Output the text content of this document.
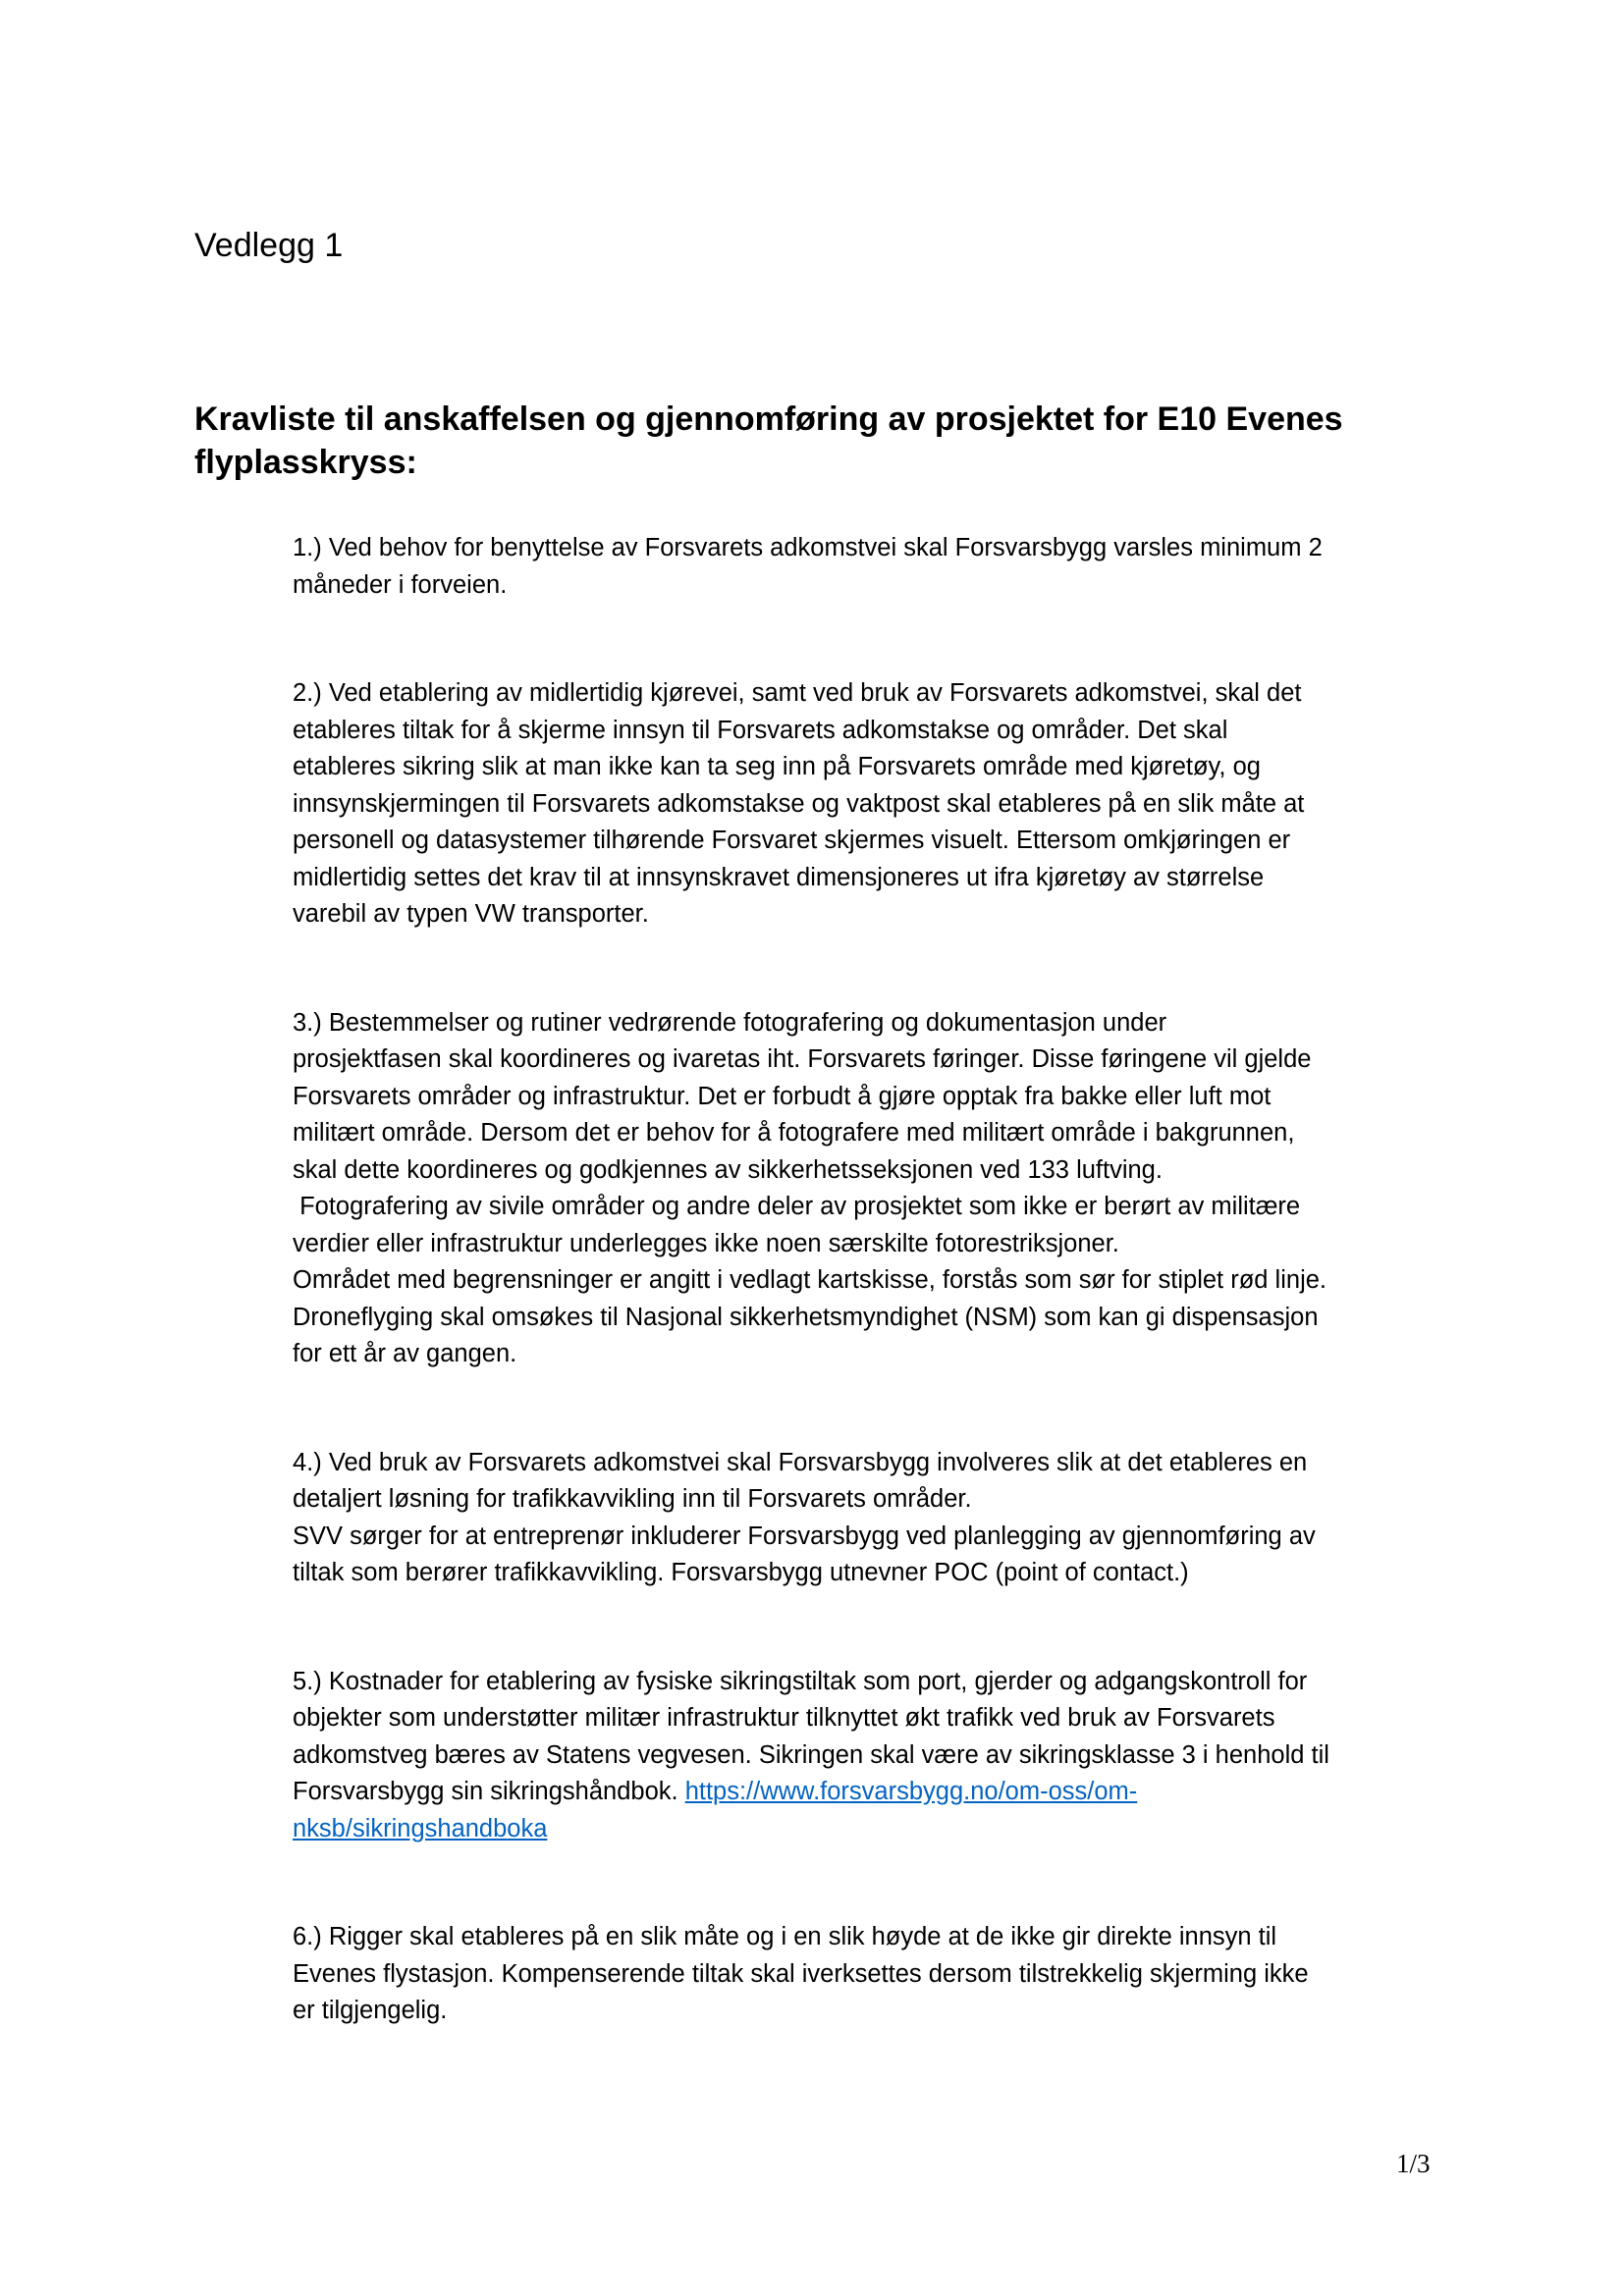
Vedlegg 1

Kravliste til anskaffelsen og gjennomføring av prosjektet for E10 Evenes
flyplasskryss:
1.) Ved behov for benyttelse av Forsvarets adkomstvei skal Forsvarsbygg varsles minimum 2
måneder i forveien.
2.) Ved etablering av midlertidig kjørevei, samt ved bruk av Forsvarets adkomstvei, skal det
etableres tiltak for å skjerme innsyn til Forsvarets adkomstakse og områder. Det skal
etableres sikring slik at man ikke kan ta seg inn på Forsvarets område med kjøretøy, og
innsynskjermingen til Forsvarets adkomstakse og vaktpost skal etableres på en slik måte at
personell og datasystemer tilhørende Forsvaret skjermes visuelt. Ettersom omkjøringen er
midlertidig settes det krav til at innsynskravet dimensjoneres ut ifra kjøretøy av størrelse
varebil av typen VW transporter.
3.) Bestemmelser og rutiner vedrørende fotografering og dokumentasjon under
prosjektfasen skal koordineres og ivaretas iht. Forsvarets føringer. Disse føringene vil gjelde
Forsvarets områder og infrastruktur. Det er forbudt å gjøre opptak fra bakke eller luft mot
militært område. Dersom det er behov for å fotografere med militært område i bakgrunnen,
skal dette koordineres og godkjennes av sikkerhetsseksjonen ved 133 luftving.
Fotografering av sivile områder og andre deler av prosjektet som ikke er berørt av militære
verdier eller infrastruktur underlegges ikke noen særskilte fotorestriksjoner.
Området med begrensninger er angitt i vedlagt kartskisse, forstås som sør for stiplet rød linje.
Droneflyging skal omsøkes til Nasjonal sikkerhetsmyndighet (NSM) som kan gi dispensasjon
for ett år av gangen.
4.) Ved bruk av Forsvarets adkomstvei skal Forsvarsbygg involveres slik at det etableres en
detaljert løsning for trafikkavvikling inn til Forsvarets områder.
SVV sørger for at entreprenør inkluderer Forsvarsbygg ved planlegging av gjennomføring av
tiltak som berører trafikkavvikling. Forsvarsbygg utnevner POC (point of contact.)
5.) Kostnader for etablering av fysiske sikringstiltak som port, gjerder og adgangskontroll for
objekter som understøtter militær infrastruktur tilknyttet økt trafikk ved bruk av Forsvarets
adkomstveg bæres av Statens vegvesen. Sikringen skal være av sikringsklasse 3 i henhold til
Forsvarsbygg sin sikringshåndbok. https://www.forsvarsbygg.no/om-oss/om-
nksb/sikringshandboka
6.) Rigger skal etableres på en slik måte og i en slik høyde at de ikke gir direkte innsyn til
Evenes flystasjon. Kompenserende tiltak skal iverksettes dersom tilstrekkelig skjerming ikke
er tilgjengelig.
1/3
